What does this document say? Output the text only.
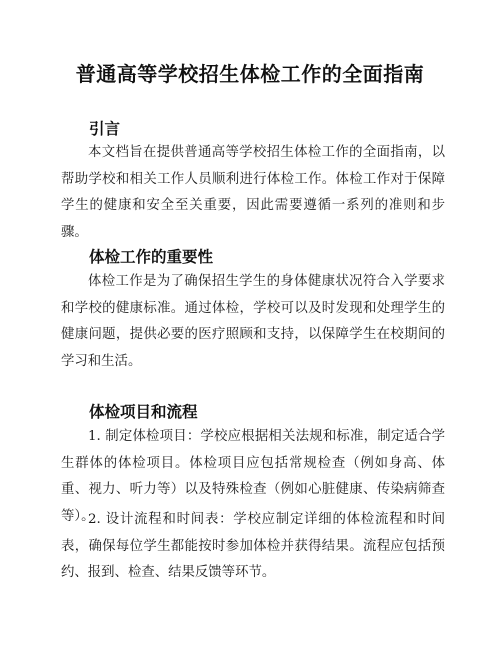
普通高等学校招生体检工作的全面指南
引言

本文档旨在提供普通高等学校招生体检工作的全面指南，以帮助学校和相关工作人员顺利进行体检工作。体检工作对于保障学生的健康和安全至关重要，因此需要遵循一系列的准则和步骤。

体检工作的重要性

体检工作是为了确保招生学生的身体健康状况符合入学要求和学校的健康标准。通过体检，学校可以及时发现和处理学生的健康问题，提供必要的医疗照顾和支持，以保障学生在校期间的学习和生活。

体检项目和流程

1. 制定体检项目：学校应根据相关法规和标准，制定适合学生群体的体检项目。体检项目应包括常规检查（例如身高、体重、视力、听力等）以及特殊检查（例如心脏健康、传染病筛查等）。

2. 设计流程和时间表：学校应制定详细的体检流程和时间表，确保每位学生都能按时参加体检并获得结果。流程应包括预约、报到、检查、结果反馈等环节。
